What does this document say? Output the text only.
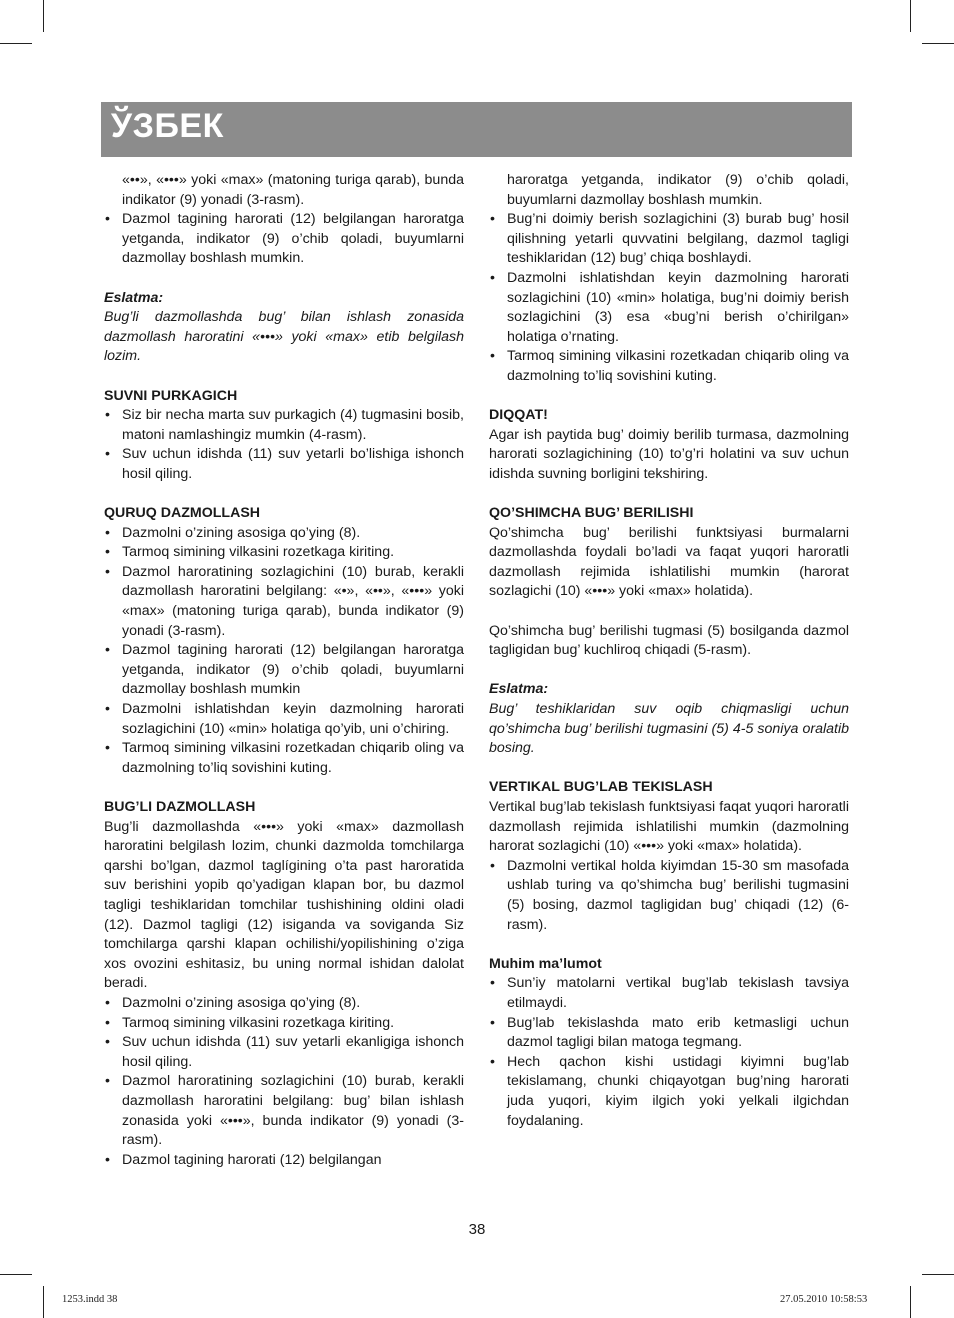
ЎЗБЕК

«••», «•••» yoki «max» (matoning turiga qarab), bunda indikator (9) yonadi (3-rasm).

• Dazmol tagining harorati (12) belgilangan haroratga yetganda, indikator (9) o’chib qoladi, buyumlarni dazmollay boshlash mumkin.

Eslatma:

Bug’li dazmollashda bug’ bilan ishlash zonasida dazmollash haroratini «•••» yoki «max» etib belgilash lozim.

SUVNI PURKAGICH

• Siz bir necha marta suv purkagich (4) tugmasini bosib, matoni namlashingiz mumkin (4-rasm).
• Suv uchun idishda (11) suv yetarli bo’lishiga ishonch hosil qiling.

QURUQ DAZMOLLASH

• Dazmolni o’zining asosiga qo’ying (8).
• Tarmoq simining vilkasini rozetkaga kiriting.
• Dazmol haroratining sozlagichini (10) burab, kerakli dazmollash haroratini belgilang: «•», «••», «•••» yoki «max» (matoning turiga qarab), bunda indikator (9) yonadi (3-rasm).
• Dazmol tagining harorati (12) belgilangan haroratga yetganda, indikator (9) o’chib qoladi, buyumlarni dazmollay boshlash mumkin
• Dazmolni ishlatishdan keyin dazmolning harorati sozlagichini (10) «min» holatiga qo’yib, uni o’chiring.
• Tarmoq simining vilkasini rozetkadan chiqarib oling va dazmolning to’liq sovishini kuting.

BUG’LI DAZMOLLASH

Bug’li dazmollashda «•••» yoki «max» dazmollash haroratini belgilash lozim, chunki dazmolda tomchilarga qarshi bo’lgan, dazmol taglígining o’ta past haroratida suv berishini yopib qo’yadigan klapan bor, bu dazmol tagligi teshiklaridan tomchilar tushishining oldini oladi (12). Dazmol tagligi (12) isiganda va soviganda Siz tomchilarga qarshi klapan ochilishi/yopilishining o’ziga xos ovozini eshitasiz, bu uning normal ishidan dalolat beradi.

• Dazmolni o’zining asosiga qo’ying (8).
• Tarmoq simining vilkasini rozetkaga kiriting.
• Suv uchun idishda (11) suv yetarli ekanligiga ishonch hosil qiling.
• Dazmol haroratining sozlagichini (10) burab, kerakli dazmollash haroratini belgilang: bug’ bilan ishlash zonasida yoki «•••», bunda indikator (9) yonadi (3-rasm).
• Dazmol tagining harorati (12) belgilangan

haroratga yetganda, indikator (9) o’chib qoladi, buyumlarni dazmollay boshlash mumkin.

• Bug’ni doimiy berish sozlagichini (3) burab bug’ hosil qilishning yetarli quvvatini belgilang, dazmol tagligi teshiklaridan (12) bug’ chiqa boshlaydi.
• Dazmolni ishlatishdan keyin dazmolning harorati sozlagichini (10) «min» holatiga, bug’ni doimiy berish sozlagichini (3) esa «bug’ni berish o’chirilgan» holatiga o’rnating.
• Tarmoq simining vilkasini rozetkadan chiqarib oling va dazmolning to’liq sovishini kuting.

DIQQAT!

Agar ish paytida bug’ doimiy berilib turmasa, dazmolning harorati sozlagichining (10) to’g’ri holatini va suv uchun idishda suvning borligini tekshiring.

QO’SHIMCHA BUG’ BERILISHI

Qo’shimcha bug’ berilishi funktsiyasi burmalarni dazmollashda foydali bo’ladi va faqat yuqori haroratli dazmollash rejimida ishlatilishi mumkin (harorat sozlagichi (10) «•••» yoki «max» holatida).

Qo’shimcha bug’ berilishi tugmasi (5) bosilganda dazmol tagligidan bug’ kuchliroq chiqadi (5-rasm).

Eslatma:

Bug’ teshiklaridan suv oqib chiqmasligi uchun qo’shimcha bug’ berilishi tugmasini (5) 4-5 soniya oralatib bosing.

VERTIKAL BUG’LAB TEKISLASH

Vertikal bug’lab tekislash funktsiyasi faqat yuqori haroratli dazmollash rejimida ishlatilishi mumkin (dazmolning harorat sozlagichi (10) «•••» yoki «max» holatida).

• Dazmolni vertikal holda kiyimdan 15-30 sm masofada ushlab turing va qo’shimcha bug’ berilishi tugmasini (5) bosing, dazmol tagligidan bug’ chiqadi (12) (6-rasm).

Muhim ma’lumot

• Sun’iy matolarni vertikal bug’lab tekislash tavsiya etilmaydi.
• Bug’lab tekislashda mato erib ketmasligi uchun dazmol tagligi bilan matoga tegmang.
• Hech qachon kishi ustidagi kiyimni bug’lab tekislamang, chunki chiqayotgan bug’ning harorati juda yuqori, kiyim ilgich yoki yelkali ilgichdan foydalaning.
38
1253.indd 38	27.05.2010 10:58:53
